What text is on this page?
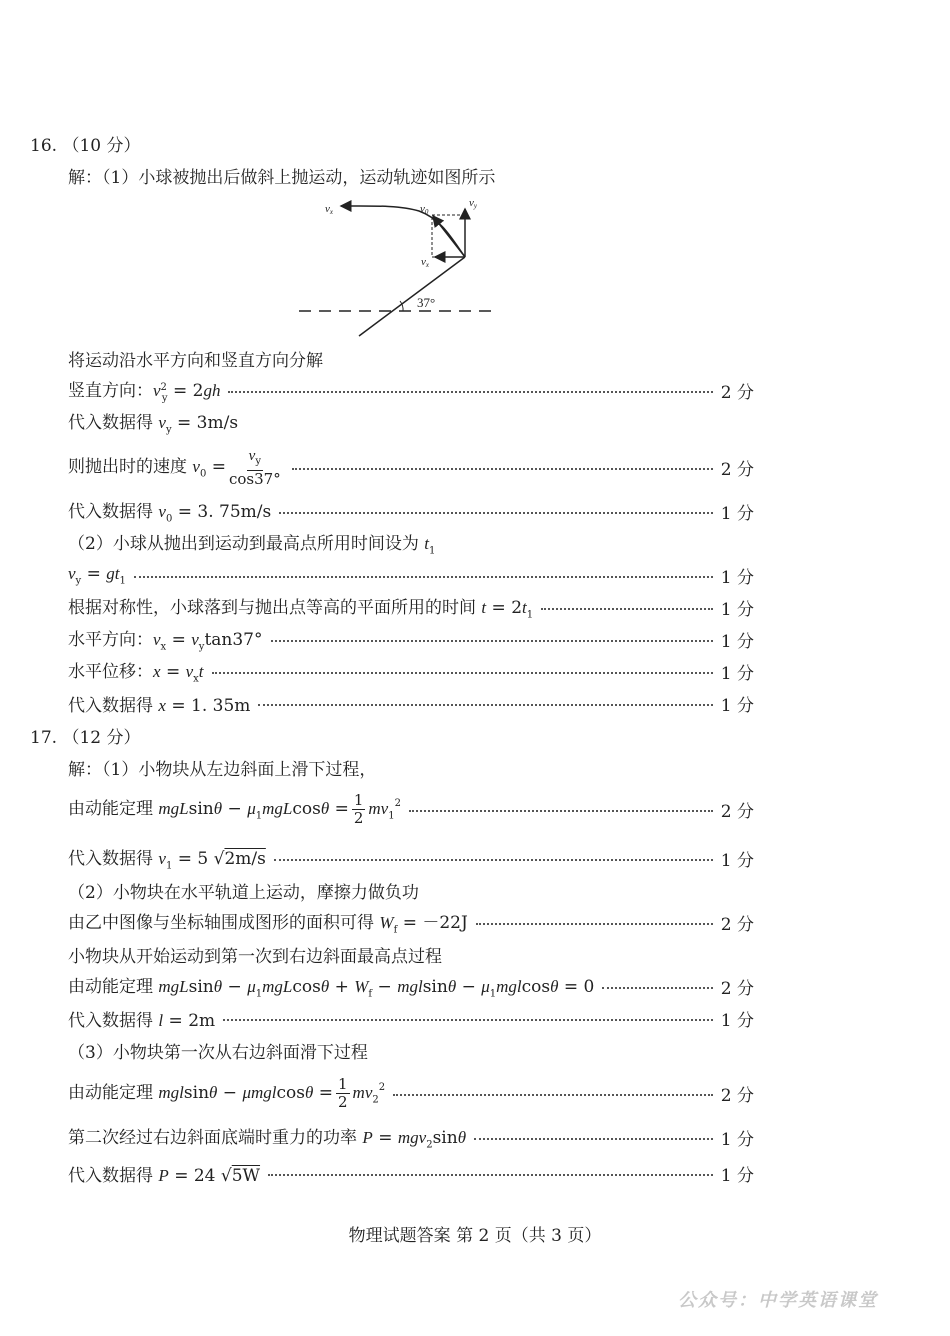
16. （10 分）
解：（1）小球被抛出后做斜上抛运动，运动轨迹如图所示
37°
vx	v0
vy
vx
将运动沿水平方向和竖直方向分解
竖直方向：$v^2_y = 2gh$	2 分
代入数据得 $v_y = 3m/s$
则抛出时的速度 $v_0 = \frac{v_y}{\cos 37^\circ}$	2 分
代入数据得 $v_0 = 3$. 75m/s	1 分
（2）小球从抛出到运动到最高点所用时间设为 $t_1$
$v_y = gt_1$	1 分
根据对称性，小球落到与抛出点等高的平面所用的时间 $t = 2t_1$	1 分
水平方向：$v_x = v_y\tan 37^\circ$	1 分
水平位移：$x = v_xt$	1 分
代入数据得 x = 1. 35m	1 分
17. （12 分）
解：（1）小物块从左边斜面上滑下过程，
由动能定理 $mgLsin\theta - \mu_1mgLcos\theta = \frac{1}{2} mv_1^2$	2 分
代入数据得 $v_1 = 5$ √2m/s	1 分
（2）小物块在水平轨道上运动，摩擦力做负功
由乙中图像与坐标轴围成图形的面积可得 $W_f = -22J$	2 分
小物块从开始运动到第一次到右边斜面最高点过程
由动能定理 $mgLsin\theta - \mu_1mgLcos\theta + W_f - mglsin\theta - \mu_1mglcos\theta = 0$	2 分
代入数据得 l = 2m	1 分
（3）小物块第一次从右边斜面滑下过程
由动能定理 $mglsin\theta - \mu mglcos\theta = \frac{1}{2} mv_2^2$	2 分
第二次经过右边斜面底端时重力的功率 P = mgv$_2$sinθ	1 分
代入数据得 P = 24 √5W	1 分
物理试题答案 第 2 页（共 3 页）
公众号：中学英语课堂
